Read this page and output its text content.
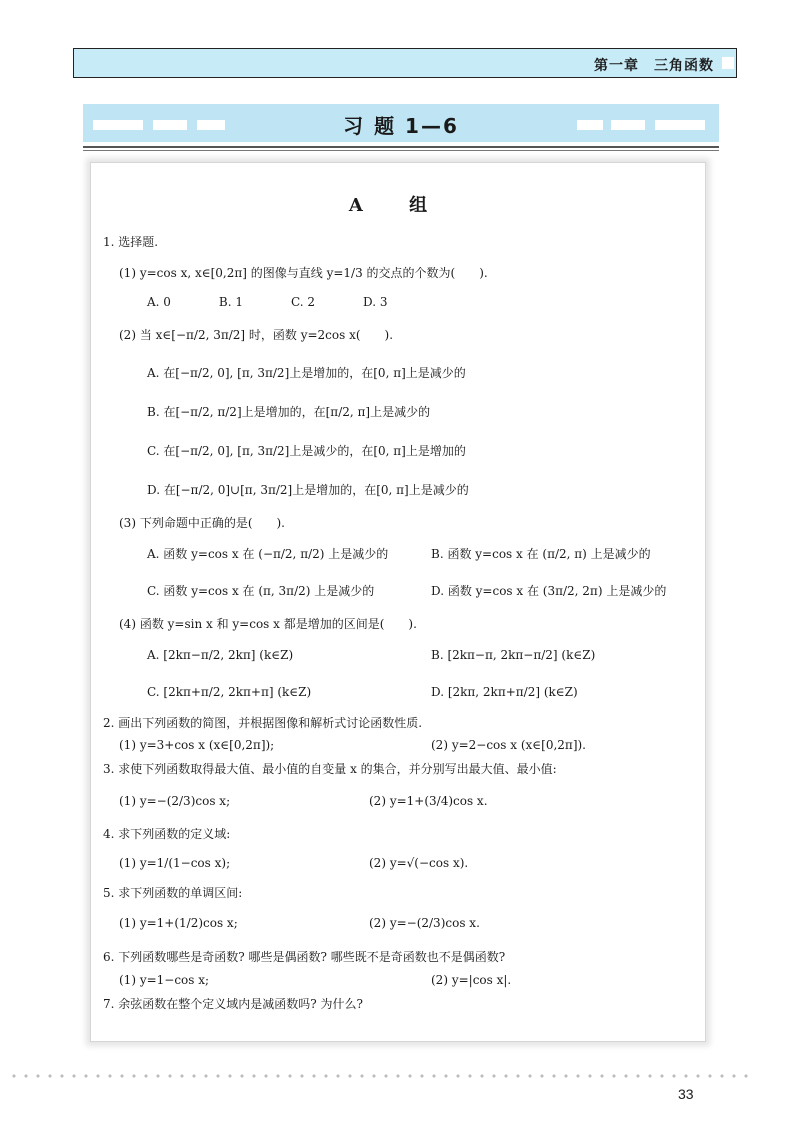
第一章　三角函数
习 题 1—6
A 组
1. 选择题.
(1) y=cos x, x∈[0,2π] 的图像与直线 y=1/3 的交点的个数为(　　).
A. 0　　　　B. 1　　　　C. 2　　　　D. 3
(2) 当 x∈[−π/2, 3π/2] 时，函数 y=2cos x(　　).
A. 在[−π/2, 0], [π, 3π/2]上是增加的，在[0, π]上是减少的
B. 在[−π/2, π/2]上是增加的，在[π/2, π]上是减少的
C. 在[−π/2, 0], [π, 3π/2]上是减少的，在[0, π]上是增加的
D. 在[−π/2, 0]∪[π, 3π/2]上是增加的，在[0, π]上是减少的
(3) 下列命题中正确的是(　　).
A. 函数 y=cos x 在 (−π/2, π/2) 上是减少的	B. 函数 y=cos x 在 (π/2, π) 上是减少的
C. 函数 y=cos x 在 (π, 3π/2) 上是减少的	D. 函数 y=cos x 在 (3π/2, 2π) 上是减少的
(4) 函数 y=sin x 和 y=cos x 都是增加的区间是(　　).
A. [2kπ−π/2, 2kπ] (k∈Z)	B. [2kπ−π, 2kπ−π/2] (k∈Z)
C. [2kπ+π/2, 2kπ+π] (k∈Z)	D. [2kπ, 2kπ+π/2] (k∈Z)
2. 画出下列函数的简图，并根据图像和解析式讨论函数性质.
(1) y=3+cos x (x∈[0,2π]);	(2) y=2−cos x (x∈[0,2π]).
3. 求使下列函数取得最大值、最小值的自变量 x 的集合，并分别写出最大值、最小值:
(1) y=−(2/3)cos x;	(2) y=1+(3/4)cos x.
4. 求下列函数的定义域:
(1) y=1/(1−cos x);	(2) y=√(−cos x).
5. 求下列函数的单调区间:
(1) y=1+(1/2)cos x;	(2) y=−(2/3)cos x.
6. 下列函数哪些是奇函数? 哪些是偶函数? 哪些既不是奇函数也不是偶函数?
(1) y=1−cos x;	(2) y=|cos x|.
7. 余弦函数在整个定义域内是减函数吗? 为什么?
33
